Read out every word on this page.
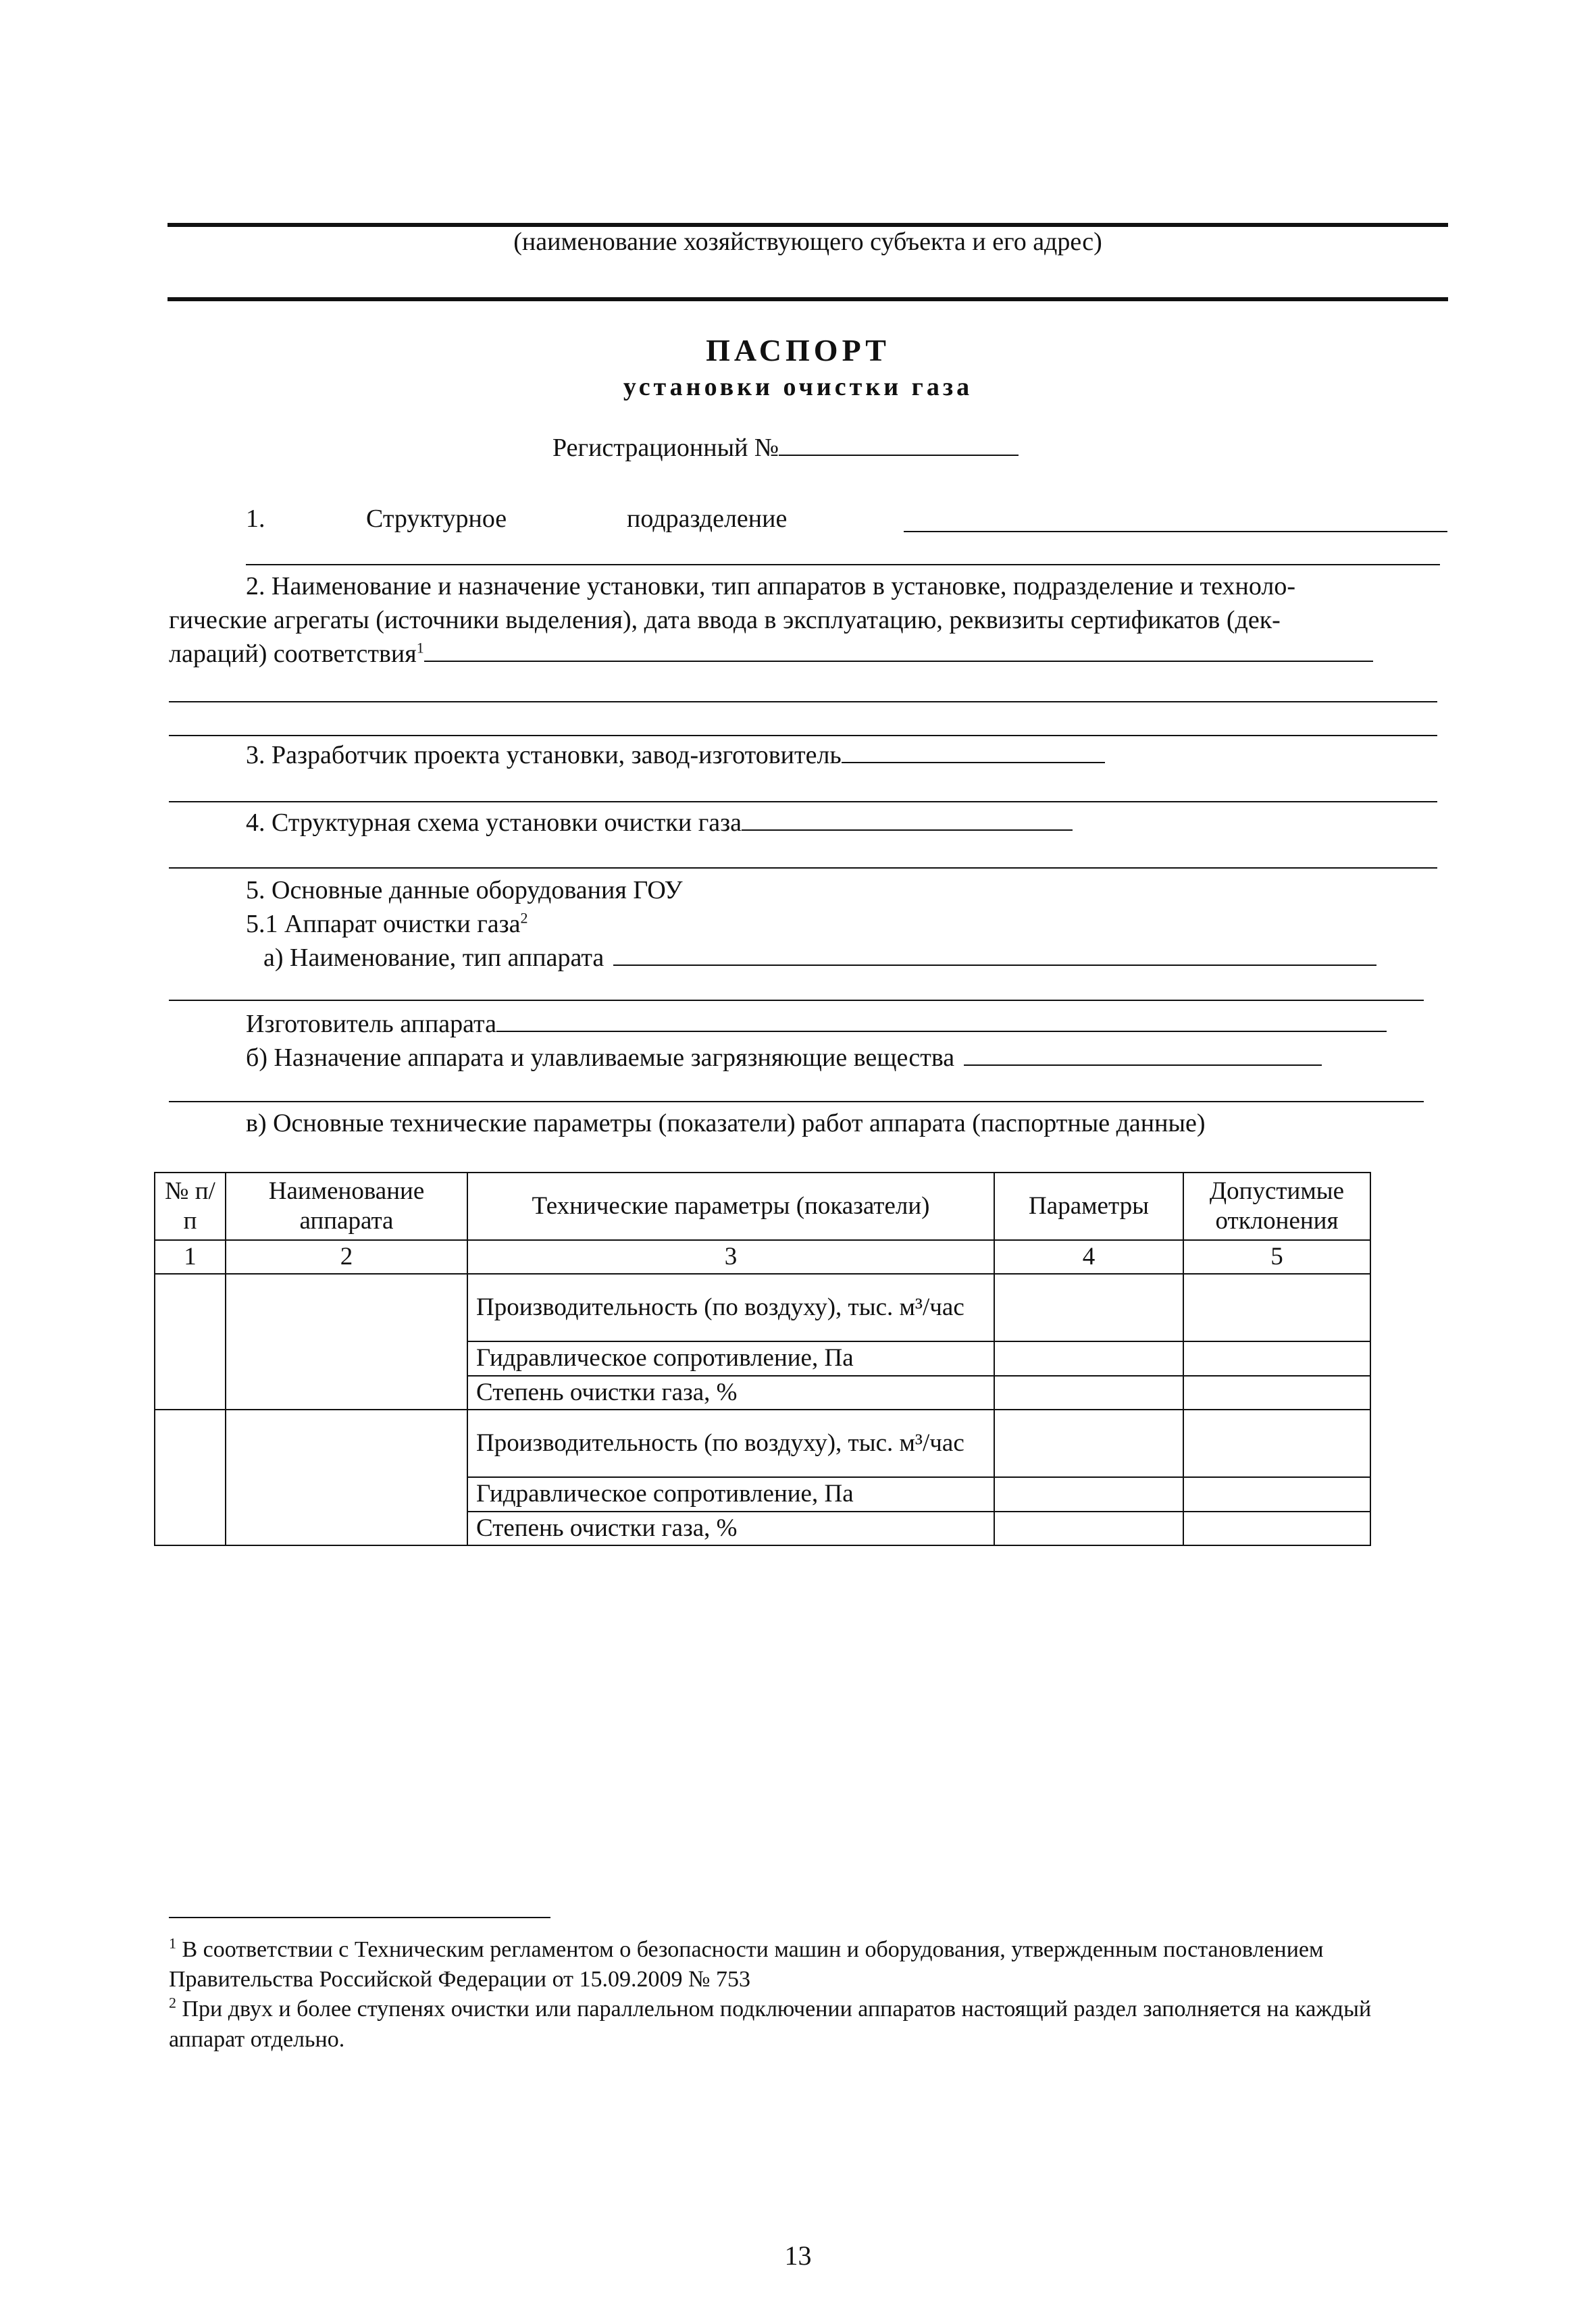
(наименование хозяйствующего субъекта и его адрес)
ПАСПОРТ
установки очистки газа
Регистрационный №
1.	Структурное	подразделение
2. Наименование и назначение установки, тип аппаратов в установке, подразделение и техноло-
гические агрегаты (источники выделения), дата ввода в эксплуатацию, реквизиты сертификатов (дек-
лараций) соответствия$^1$
3. Разработчик проекта установки, завод-изготовитель
4. Структурная схема установки очистки газа
5. Основные данные оборудования ГОУ
5.1 Аппарат очистки газа$^2$
а) Наименование, тип аппарата
Изготовитель аппарата
б) Назначение аппарата и улавливаемые загрязняющие вещества
в) Основные технические параметры (показатели) работ аппарата (паспортные данные)
№ п/п	Наименование аппарата	Технические параметры (показатели)	Параметры	Допустимые отклонения
1	2	3	4	5
		Производительность (по воздуху), тыс. м³/час		
		Гидравлическое сопротивление, Па		
		Степень очистки газа, %		
		Производительность (по воздуху), тыс. м³/час		
		Гидравлическое сопротивление, Па		
		Степень очистки газа, %		

$^1$ В соответствии с Техническим регламентом о безопасности машин и оборудования, утвержденным постановлением Правительства Российской Федерации от 15.09.2009 № 753

$^2$ При двух и более ступенях очистки или параллельном подключении аппаратов настоящий раздел заполняется на каждый аппарат отдельно.

13
